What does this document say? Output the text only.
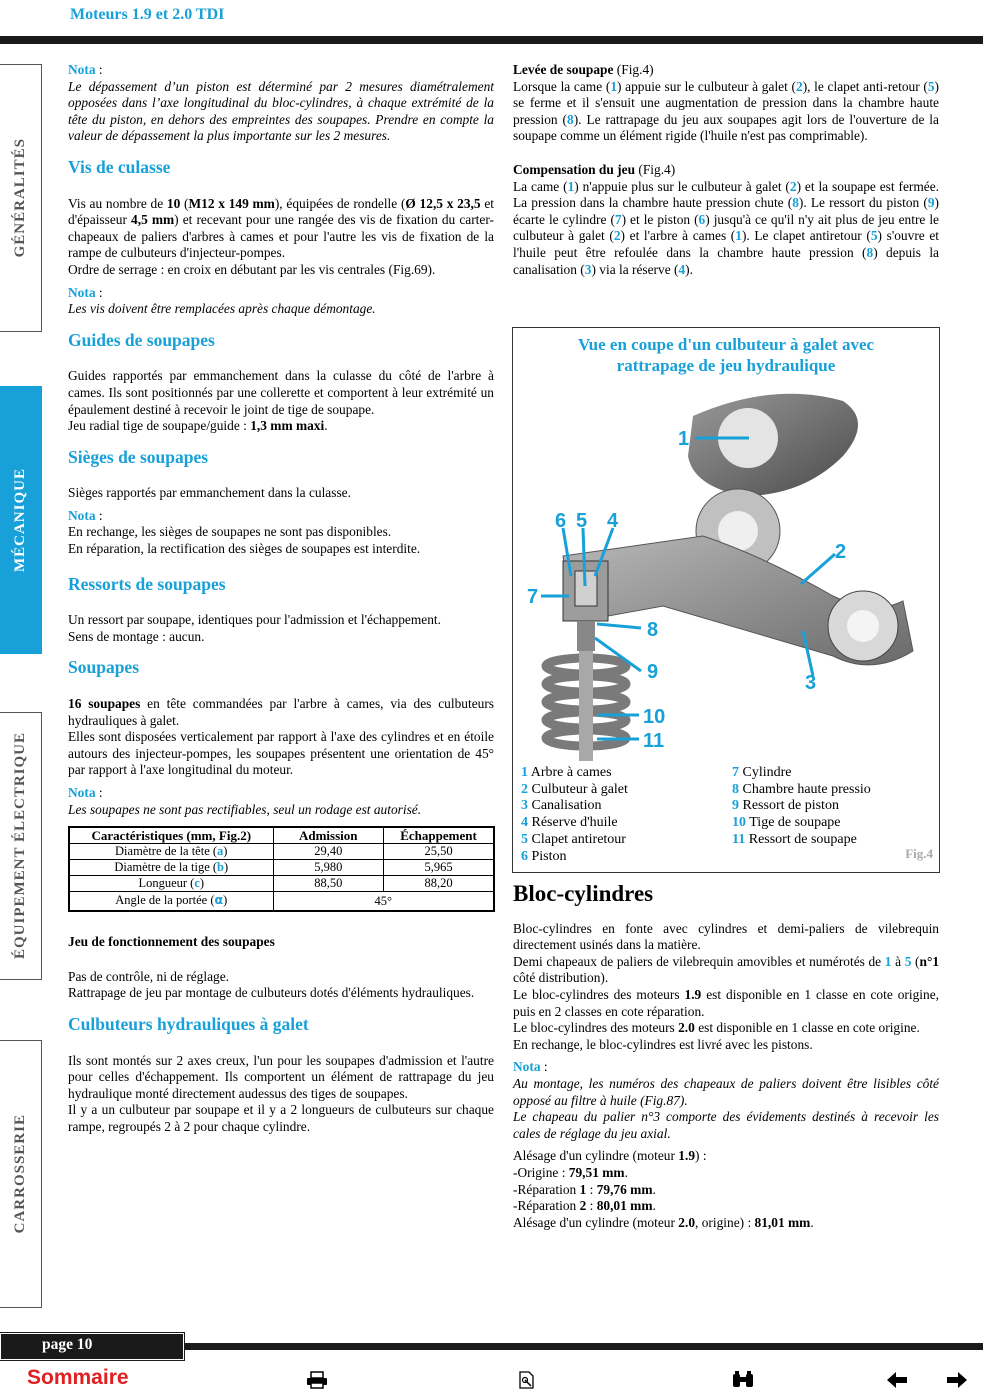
Moteurs 1.9 et 2.0 TDI
GÉNÉRALITÉS
MÉCANIQUE
ÉQUIPEMENT ÉLECTRIQUE
CARROSSERIE

Nota :

Le dépassement d’un piston est déterminé par 2 mesures diamétralement opposées dans l’axe longitudinal du bloc-cylindres, à chaque extrémité de la tête du piston, en dehors des empreintes des soupapes. Prendre en compte la valeur de dépassement la plus importante sur les 2 mesures.

Vis de culasse

Vis au nombre de 10 (M12 x 149 mm), équipées de rondelle (Ø 12,5 x 23,5 et d'épaisseur 4,5 mm) et recevant pour une rangée des vis de fixation du carter-chapeaux de paliers d'arbres à cames et pour l'autre les vis de fixation de la rampe de culbuteurs d'injecteur-pompes.

Ordre de serrage : en croix en débutant par les vis centrales (Fig.69).

Nota :

Les vis doivent être remplacées après chaque démontage.

Guides de soupapes

Guides rapportés par emmanchement dans la culasse du côté de l'arbre à cames. Ils sont positionnés par une collerette et comportent à leur extrémité un épaulement destiné à recevoir le joint de tige de soupape.

Jeu radial tige de soupape/guide : 1,3 mm maxi.

Sièges de soupapes

Sièges rapportés par emmanchement dans la culasse.

Nota :

En rechange, les sièges de soupapes ne sont pas disponibles.

En réparation, la rectification des sièges de soupapes est interdite.

Ressorts de soupapes

Un ressort par soupape, identiques pour l'admission et l'échappement.

Sens de montage : aucun.

Soupapes

16 soupapes en tête commandées par l'arbre à cames, via des culbuteurs hydrauliques à galet.

Elles sont disposées verticalement par rapport à l'axe des cylindres et en étoile autours des injecteur-pompes, les soupapes présentent une orientation de 45° par rapport à l'axe longitudinal du moteur.

Nota :

Les soupapes ne sont pas rectifiables, seul un rodage est autorisé.

Caractéristiques (mm, Fig.2)	Admission	Échappement
Diamètre de la tête (a)	29,40	25,50
Diamètre de la tige (b)	5,980	5,965
Longueur (c)	88,50	88,20
Angle de la portée (α)	45°	

Jeu de fonctionnement des soupapes

Pas de contrôle, ni de réglage.

Rattrapage de jeu par montage de culbuteurs dotés d'éléments hydrauliques.

Culbuteurs hydrauliques à galet

Ils sont montés sur 2 axes creux, l'un pour les soupapes d'admission et l'autre pour celles d'échappement. Ils comportent un élément de rattrapage du jeu hydraulique monté directement audessus des tiges de soupapes.

Il y a un culbuteur par soupape et il y a 2 longueurs de culbuteurs sur chaque rampe, regroupés 2 à 2 pour chaque cylindre.

Levée de soupape (Fig.4)

Lorsque la came (1) appuie sur le culbuteur à galet (2), le clapet anti-retour (5) se ferme et il s'ensuit une augmentation de pression dans la chambre haute pression (8). Le rattrapage du jeu aux soupapes agit lors de l'ouverture de la soupape comme un élément rigide (l'huile n'est pas comprimable).

Compensation du jeu (Fig.4)

La came (1) n'appuie plus sur le culbuteur à galet (2) et la soupape est fermée. La pression dans la chambre haute pression chute (8). Le ressort du piston (9) écarte le cylindre (7) et le piston (6) jusqu'à ce qu'il n'y ait plus de jeu entre le culbuteur à galet (2) et l'arbre à cames (1). Le clapet antiretour (5) s'ouvre et l'huile peut être refoulée dans la chambre haute pression (8) depuis la canalisation (3) via la réserve (4).

Vue en coupe d'un culbuteur à galet avec
rattrapage de jeu hydraulique
1
2
3
4
5
6
7
8
9
10
11
1 Arbre à cames
2 Culbuteur à galet
3 Canalisation
4 Réserve d'huile
5 Clapet antiretour
6 Piston
7 Cylindre
8 Chambre haute pressio
9 Ressort de piston
10 Tige de soupape
11 Ressort de soupape
Fig.4
Bloc-cylindres

Bloc-cylindres en fonte avec cylindres et demi-paliers de vilebrequin directement usinés dans la matière.

Demi chapeaux de paliers de vilebrequin amovibles et numérotés de 1 à 5 (n°1 côté distribution).

Le bloc-cylindres des moteurs 1.9 est disponible en 1 classe en cote origine, puis en 2 classes en cote réparation.

Le bloc-cylindres des moteurs 2.0 est disponible en 1 classe en cote origine.

En rechange, le bloc-cylindres est livré avec les pistons.

Nota :

Au montage, les numéros des chapeaux de paliers doivent être lisibles côté opposé au filtre à huile (Fig.87).

Le chapeau du palier n°3 comporte des évidements destinés à recevoir les cales de réglage du jeu axial.

Alésage d'un cylindre (moteur 1.9) :

-Origine : 79,51 mm.

-Réparation 1 : 79,76 mm.

-Réparation 2 : 80,01 mm.

Alésage d'un cylindre (moteur 2.0, origine) : 81,01 mm.

page 10
Sommaire
